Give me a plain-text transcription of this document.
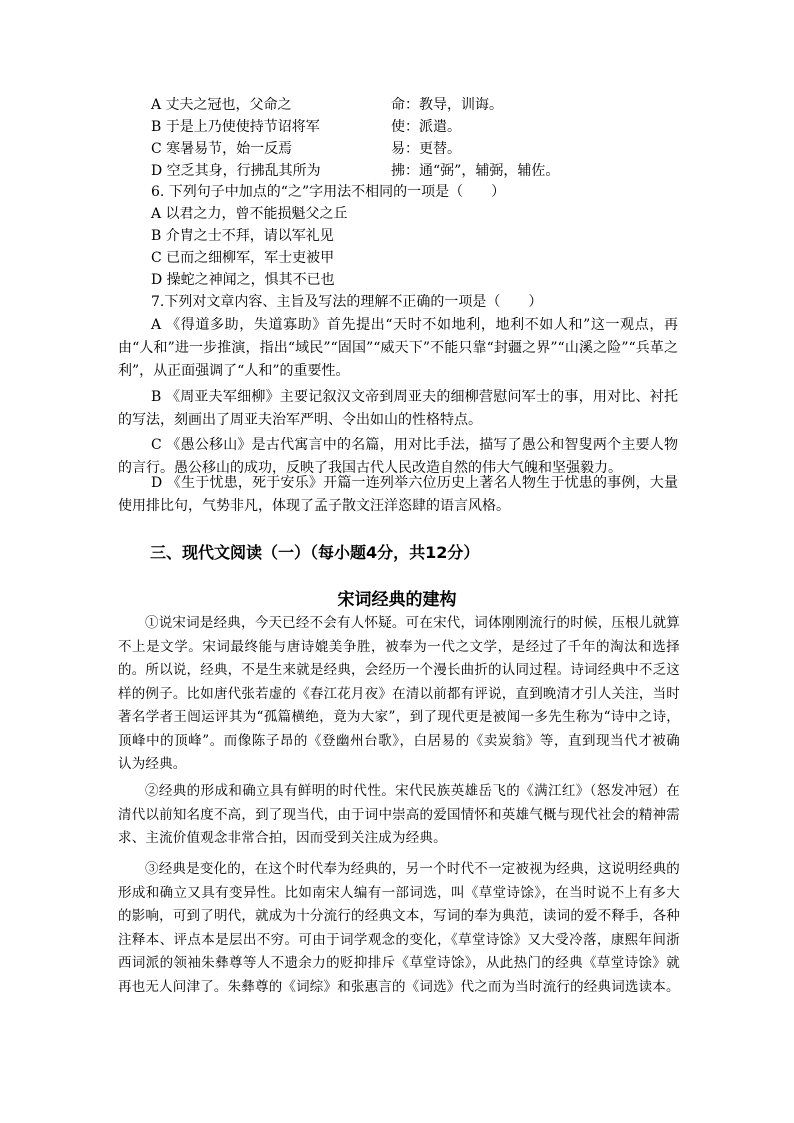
A 丈夫之冠也，父命之	命：教导，训诲。
B 于是上乃使使持节诏将军	使：派遣。
C 寒暑易节，始一反焉	易：更替。
D 空乏其身，行拂乱其所为	拂：通“弼”，辅弼，辅佐。
6. 下列句子中加点的“之”字用法不相同的一项是（　　）
A 以君之力，曾不能损魁父之丘
B 介胄之士不拜，请以军礼见
C 已而之细柳军，军士吏被甲
D 操蛇之神闻之，惧其不已也
7.下列对文章内容、主旨及写法的理解不正确的一项是（　　）
A 《得道多助，失道寡助》首先提出“天时不如地利，地利不如人和”这一观点，再由“人和”进一步推演，指出“域民”“固国”“威天下”不能只靠“封疆之界”“山溪之险”“兵革之利”，从正面强调了“人和”的重要性。
B 《周亚夫军细柳》主要记叙汉文帝到周亚夫的细柳营慰问军士的事，用对比、衬托的写法，刻画出了周亚夫治军严明、令出如山的性格特点。
C 《愚公移山》是古代寓言中的名篇，用对比手法，描写了愚公和智叟两个主要人物的言行。愚公移山的成功，反映了我国古代人民改造自然的伟大气魄和坚强毅力。
D 《生于忧患，死于安乐》开篇一连列举六位历史上著名人物生于忧患的事例，大量使用排比句，气势非凡，体现了孟子散文汪洋恣肆的语言风格。
三、现代文阅读（一）（每小题4分，共12分）
宋词经典的建构
①说宋词是经典，今天已经不会有人怀疑。可在宋代，词体刚刚流行的时候，压根儿就算不上是文学。宋词最终能与唐诗媲美争胜，被奉为一代之文学，是经过了千年的淘汰和选择的。所以说，经典，不是生来就是经典，会经历一个漫长曲折的认同过程。诗词经典中不乏这样的例子。比如唐代张若虚的《春江花月夜》在清以前都有评说，直到晚清才引人关注，当时著名学者王闿运评其为“孤篇横绝，竟为大家”，到了现代更是被闻一多先生称为“诗中之诗，顶峰中的顶峰”。而像陈子昂的《登幽州台歌》，白居易的《卖炭翁》等，直到现当代才被确认为经典。
②经典的形成和确立具有鲜明的时代性。宋代民族英雄岳飞的《满江红》（怒发冲冠）在清代以前知名度不高，到了现当代，由于词中崇高的爱国情怀和英雄气概与现代社会的精神需求、主流价值观念非常合拍，因而受到关注成为经典。
③经典是变化的，在这个时代奉为经典的，另一个时代不一定被视为经典，这说明经典的形成和确立又具有变异性。比如南宋人编有一部词选，叫《草堂诗馀》，在当时说不上有多大的影响，可到了明代，就成为十分流行的经典文本，写词的奉为典范，读词的爱不释手，各种注释本、评点本是层出不穷。可由于词学观念的变化，《草堂诗馀》又大受冷落，康熙年间浙西词派的领袖朱彝尊等人不遗余力的贬抑排斥《草堂诗馀》，从此热门的经典《草堂诗馀》就再也无人问津了。朱彝尊的《词综》和张惠言的《词选》代之而为当时流行的经典词选读本。
